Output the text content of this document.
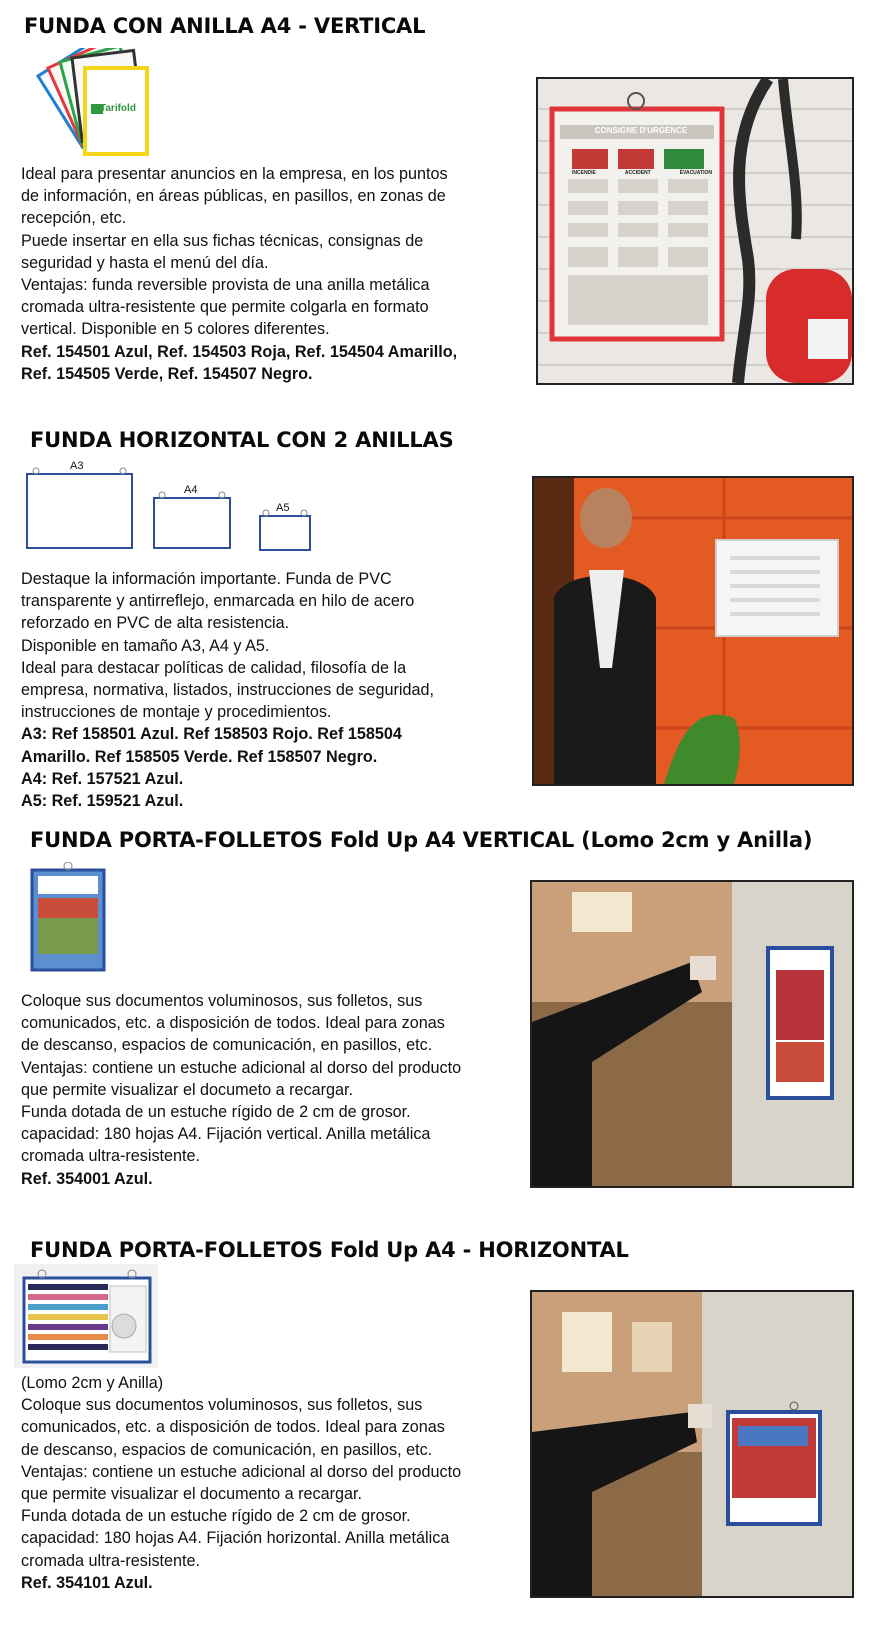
FUNDA CON ANILLA A4 - VERTICAL
Tarifold

Ideal para presentar anuncios en la empresa, en los puntos

de información, en áreas públicas, en pasillos, en zonas de

recepción, etc.

Puede insertar en ella sus fichas técnicas, consignas de

seguridad y hasta el menú del día.

Ventajas: funda reversible provista de una anilla metálica

cromada ultra-resistente que permite colgarla en formato

vertical. Disponible en 5 colores diferentes.

Ref. 154501 Azul, Ref. 154503 Roja, Ref. 154504 Amarillo,

Ref. 154505 Verde, Ref. 154507 Negro.

CONSIGNE D'URGENCE
INCENDIE	ACCIDENT	ÉVACUATION
FUNDA HORIZONTAL CON 2 ANILLAS
A3
A4
A5

Destaque la información importante. Funda de PVC

transparente y antirreflejo, enmarcada en hilo de acero

reforzado en PVC de alta resistencia.

Disponible en tamaño A3, A4 y A5.

Ideal para destacar políticas de calidad, filosofía de la

empresa, normativa, listados, instrucciones de seguridad,

instrucciones de montaje y procedimientos.

A3: Ref 158501 Azul. Ref 158503 Rojo. Ref 158504

Amarillo. Ref 158505 Verde. Ref 158507 Negro.

A4: Ref. 157521 Azul.

A5: Ref. 159521 Azul.

FUNDA PORTA-FOLLETOS Fold Up A4 VERTICAL (Lomo 2cm y Anilla)

Coloque sus documentos voluminosos, sus folletos, sus

comunicados, etc. a disposición de todos. Ideal para zonas

de descanso, espacios de comunicación, en pasillos, etc.

Ventajas: contiene un estuche adicional al dorso del producto

que permite visualizar el documeto a recargar.

Funda dotada de un estuche rígido de 2 cm de grosor.

capacidad: 180 hojas A4. Fijación vertical. Anilla metálica

cromada ultra-resistente.

Ref. 354001 Azul.

FUNDA PORTA-FOLLETOS Fold Up A4 - HORIZONTAL

(Lomo 2cm y Anilla)

Coloque sus documentos voluminosos, sus folletos, sus

comunicados, etc. a disposición de todos. Ideal para zonas

de descanso, espacios de comunicación, en pasillos, etc.

Ventajas: contiene un estuche adicional al dorso del producto

que permite visualizar el documento a recargar.

Funda dotada de un estuche rígido de 2 cm de grosor.

capacidad: 180 hojas A4. Fijación horizontal. Anilla metálica

cromada ultra-resistente.

Ref. 354101 Azul.
